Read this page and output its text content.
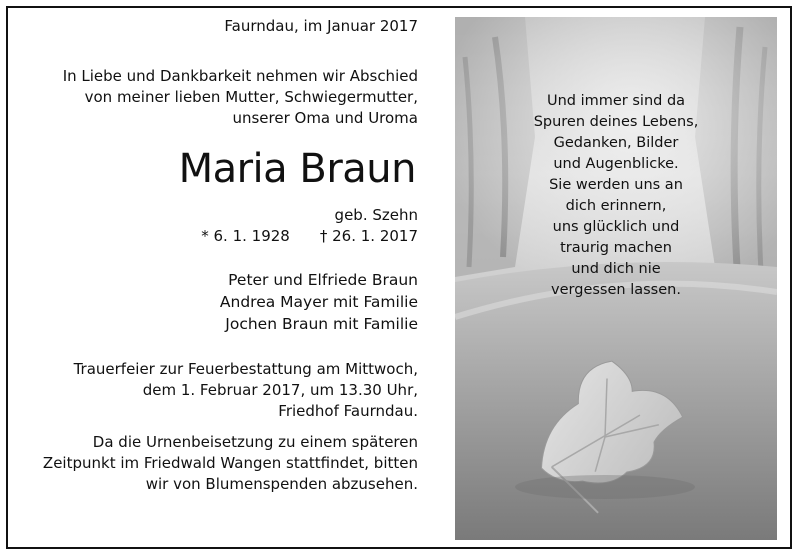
Faurndau, im Januar 2017

In Liebe und Dankbarkeit nehmen wir Abschied
von meiner lieben Mutter, Schwiegermutter,
unserer Oma und Uroma

Maria Braun

geb. Szehn

* 6. 1. 1928 † 26. 1. 2017

Peter und Elfriede Braun
Andrea Mayer mit Familie
Jochen Braun mit Familie

Trauerfeier zur Feuerbestattung am Mittwoch,
dem 1. Februar 2017, um 13.30 Uhr,
Friedhof Faurndau.

Da die Urnenbeisetzung zu einem späteren
Zeitpunkt im Friedwald Wangen stattfindet, bitten
wir von Blumenspenden abzusehen.

Und immer sind da
Spuren deines Lebens,
Gedanken, Bilder
und Augenblicke.
Sie werden uns an
dich erinnern,
uns glücklich und
traurig machen
und dich nie
vergessen lassen.
